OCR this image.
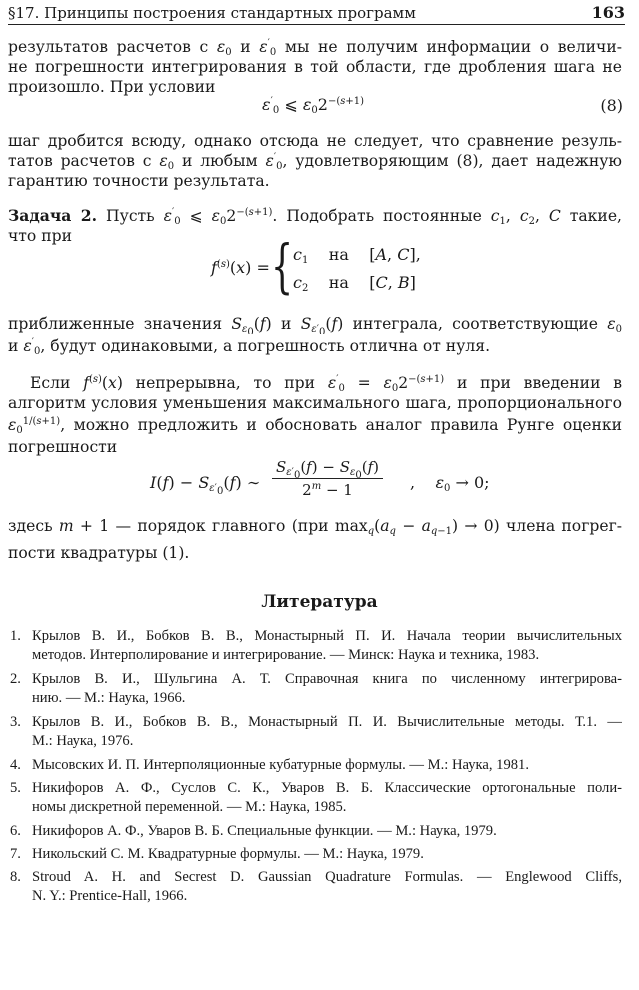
§17. Принципы построения стандартных программ	163
результатов расчетов с $\varepsilon_0$ и $\varepsilon'_0$ мы не получим информации о величи-
не погрешности интегрирования в той области, где дробления шага не
произошло. При условии
$\varepsilon'_0$ ⩽ $\varepsilon_02^{-(s+1)}$	(8)
шаг дробится всюду, однако отсюда не следует, что сравнение резуль-
татов расчетов с $\varepsilon_0$ и любым $\varepsilon'_0$, удовлетворяющим (8), дает надежную
гарантию точности результата.
Задача 2. Пусть $\varepsilon'_0$ ⩽ $\varepsilon_02^{-(s+1)}$. Подобрать постоянные $c_1$, $c_2$, C такие,
что при
$f^{(s)}(x)$ = { $c_1$ на    [A, C],
$c_2$ на    [C, B]
приближенные значения $S_{\varepsilon_0}(f)$ и $S_{\varepsilon'_0}(f)$ интеграла, соответствующие $\varepsilon_0$
и $\varepsilon'_0$, будут одинаковыми, а погрешность отлична от нуля.
Если $f^{(s)}(x)$ непрерывна, то при $\varepsilon'_0 = \varepsilon_02^{-(s+1)}$ и при введении в
алгоритм условия уменьшения максимального шага, пропорционального
$\varepsilon_0^{1/(s+1)}$, можно предложить и обосновать аналог правила Рунге оценки
погрешности
$I(f) - S_{\varepsilon'_0}(f)$ ∼ $\frac{S_{\varepsilon'_0}(f) - S_{\varepsilon_0}(f)}{2^m - 1}$ ,    $\varepsilon_0 \to 0$;
здесь m + 1 — порядок главного (при $\max_q(a_q - a_{q-1}) \to 0$) члена погрег-
пости квадратуры (1).
Литература
1. Крылов В. И., Бобков В. В., Монастырный П. И. Начала теории вычислительных
методов. Интерполирование и интегрирование. — Минск: Наука и техника, 1983.
2. Крылов В. И., Шульгина А. Т. Справочная книга по численному интегрирова-
нию. — М.: Наука, 1966.
3. Крылов В. И., Бобков В. В., Монастырный П. И. Вычислительные методы. Т.1. —
М.: Наука, 1976.
4. Мысовских И. П. Интерполяционные кубатурные формулы. — М.: Наука, 1981.
5. Никифоров А. Ф., Суслов С. К., Уваров В. Б. Классические ортогональные поли-
номы дискретной переменной. — М.: Наука, 1985.
6. Никифоров А. Ф., Уваров В. Б. Специальные функции. — М.: Наука, 1979.
7. Никольский С. М. Квадратурные формулы. — М.: Наука, 1979.
8. Stroud A. H. and Secrest D. Gaussian Quadrature Formulas. — Englewood Cliffs,
N. Y.: Prentice-Hall, 1966.
